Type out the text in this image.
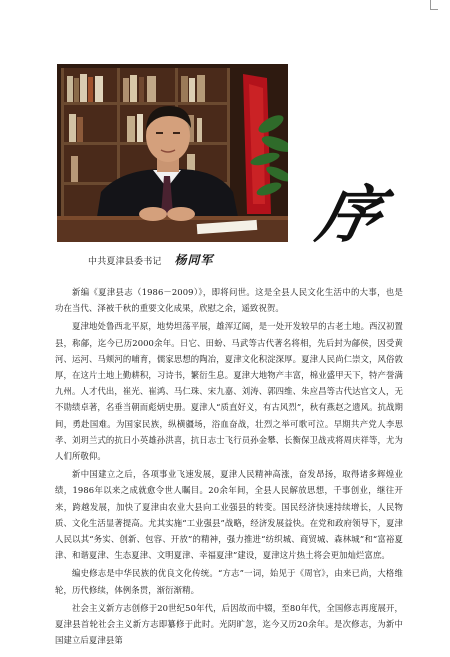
中共夏津县委书记 杨同军
序

新编《夏津县志（1986－2009）》，即将问世。这是全县人民文化生活中的大事，也是功在当代、泽被千秋的重要文化成果，欣慰之余，遥致祝贺。

夏津地处鲁西北平原，地势坦荡平展，雄浑辽阔，是一处开发较早的古老土地。西汉初置县，称鄃，迄今已历2000余年。日它、田蚡、马武等古代著名将相，先后封为鄃侯，因受黄河、运河、马颊河的哺育，儒家思想的陶冶，夏津文化积淀深厚。夏津人民尚仁崇文，风俗敦厚，在这片土地上勤耕积，习诗书，繁衍生息。夏津大地物产丰富，棉业盛甲天下，特产誉满九州。人才代出，崔光、崔鸿、马仁珠、宋九嘉、刘涛、郭四维、朱应昌等古代达官文人，无不勋绩卓著，名垂当朝而彪炳史册。夏津人“质直好义，有古风烈”，秋有燕赵之遗风。抗战期间，勇赴国难。为国家民族，纵横疆场，浴血奋战，壮烈之举可歌可泣。早期共产党人李思孝、刘玥兰式的抗日小英雄孙洪喜，抗日志士飞行员孙金攀、长衡保卫战戎将周庆祥等，尤为人们所敬仰。

新中国建立之后，各项事业飞速发展，夏津人民精神高涨，奋发昂扬，取得诸多辉煌业绩，1986年以来之成就愈令世人瞩目。20余年间，全县人民解放思想，千事创业，继往开来，跨越发展，加快了夏津由农业大县向工业强县的转变。国民经济快速持续增长，人民物质、文化生活显著提高。尤其实施“工业强县”战略，经济发展益快。在党和政府领导下，夏津人民以其“务实、创新、包容、开放”的精神，强力推进“纺织城、商贸城、森林城”和“富裕夏津、和谐夏津、生态夏津、文明夏津、幸福夏津”建设，夏津这片热土将会更加灿烂富庶。

编史修志是中华民族的优良文化传统。“方志”一词，始见于《周官》，由来已尚，大格维轮，历代修续，体例条贯，渐衍渐精。

社会主义新方志创修于20世纪50年代，后因故而中辍，至80年代，全国修志再度展开，夏津县首轮社会主义新方志即纂修于此时。光阴旷忽，迄今又历20余年。是次修志，为新中国建立后夏津县第
